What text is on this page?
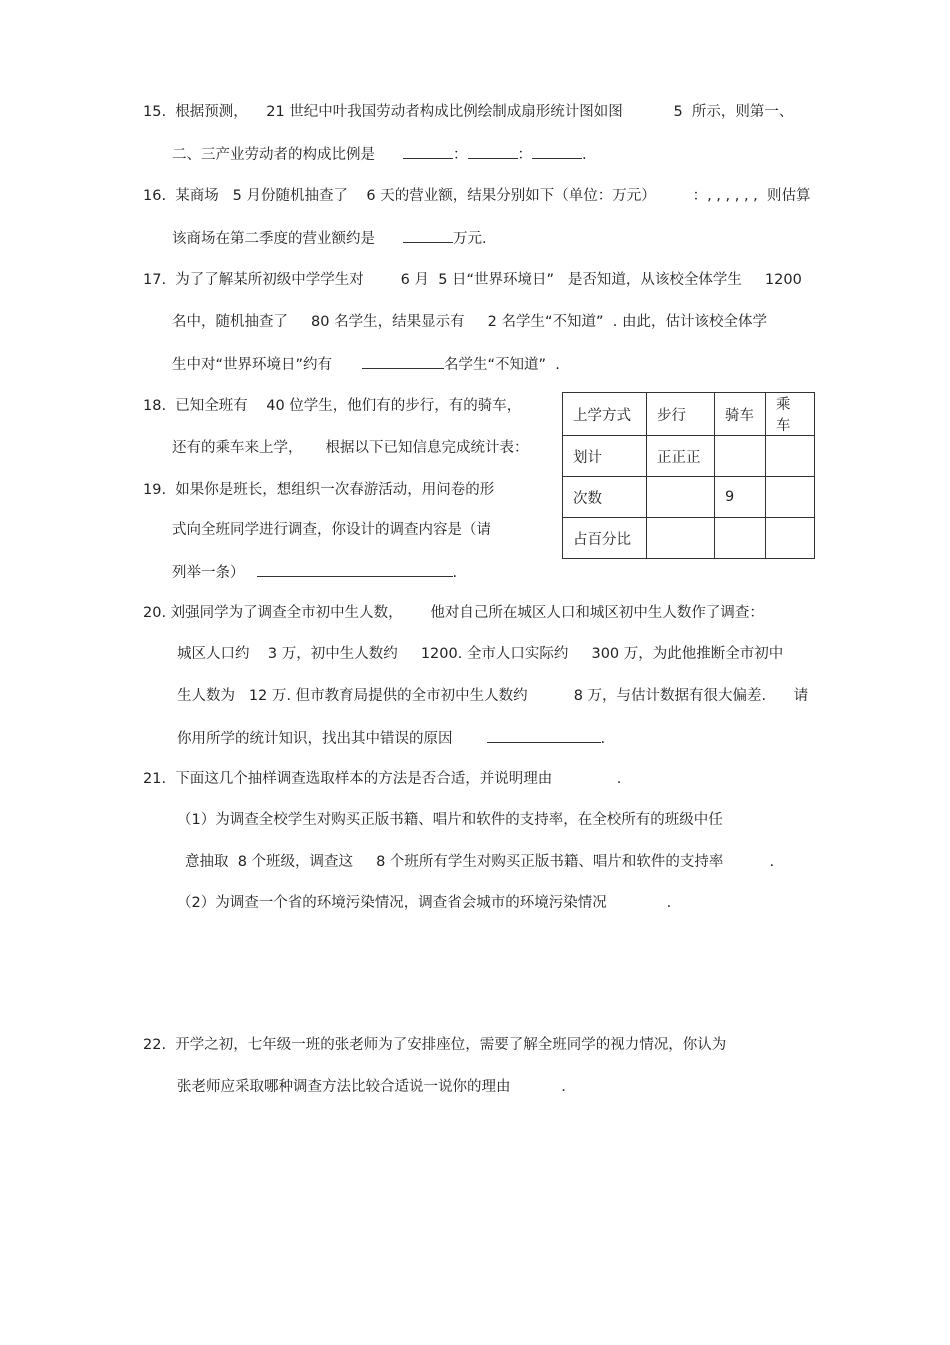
15.  根据预测，    21 世纪中叶我国劳动者构成比例绘制成扇形统计图如图           5  所示，则第一、
二、三产业劳动者的构成比例是	：	：	.
16.  某商场   5 月份随机抽查了    6 天的营业额，结果分别如下（单位：万元）        ：, , , , , ,  则估算
该商场在第二季度的营业额约是	万元.
17.  为了了解某所初级中学学生对        6 月  5 日“世界环境日”   是否知道，从该校全体学生     1200
名中，随机抽查了     80 名学生，结果显示有     2 名学生“不知道”  . 由此，估计该校全体学
生中对“世界环境日”约有	名学生“不知道”  .
18.  已知全班有    40 位学生，他们有的步行，有的骑车，
还有的乘车来上学，     根据以下已知信息完成统计表：
19.  如果你是班长，想组织一次春游活动，用问卷的形
式向全班同学进行调查，你设计的调查内容是（请
列举一条）	.
上学方式	步行	骑车	乘车
划计	正正正		
次数		9	
占百分比			
20. 刘强同学为了调查全市初中生人数，      他对自己所在城区人口和城区初中生人数作了调查：
城区人口约    3 万，初中生人数约     1200. 全市人口实际约     300 万，为此他推断全市初中
生人数为   12 万. 但市教育局提供的全市初中生人数约          8 万，与估计数据有很大偏差.      请
你用所学的统计知识，找出其中错误的原因	.
21.  下面这几个抽样调查选取样本的方法是否合适，并说明理由              .
（1）为调查全校学生对购买正版书籍、唱片和软件的支持率，在全校所有的班级中任
意抽取  8 个班级，调查这     8 个班所有学生对购买正版书籍、唱片和软件的支持率          .
（2）为调查一个省的环境污染情况，调查省会城市的环境污染情况             .
22.  开学之初，七年级一班的张老师为了安排座位，需要了解全班同学的视力情况，你认为
张老师应采取哪种调查方法比较合适说一说你的理由           .
